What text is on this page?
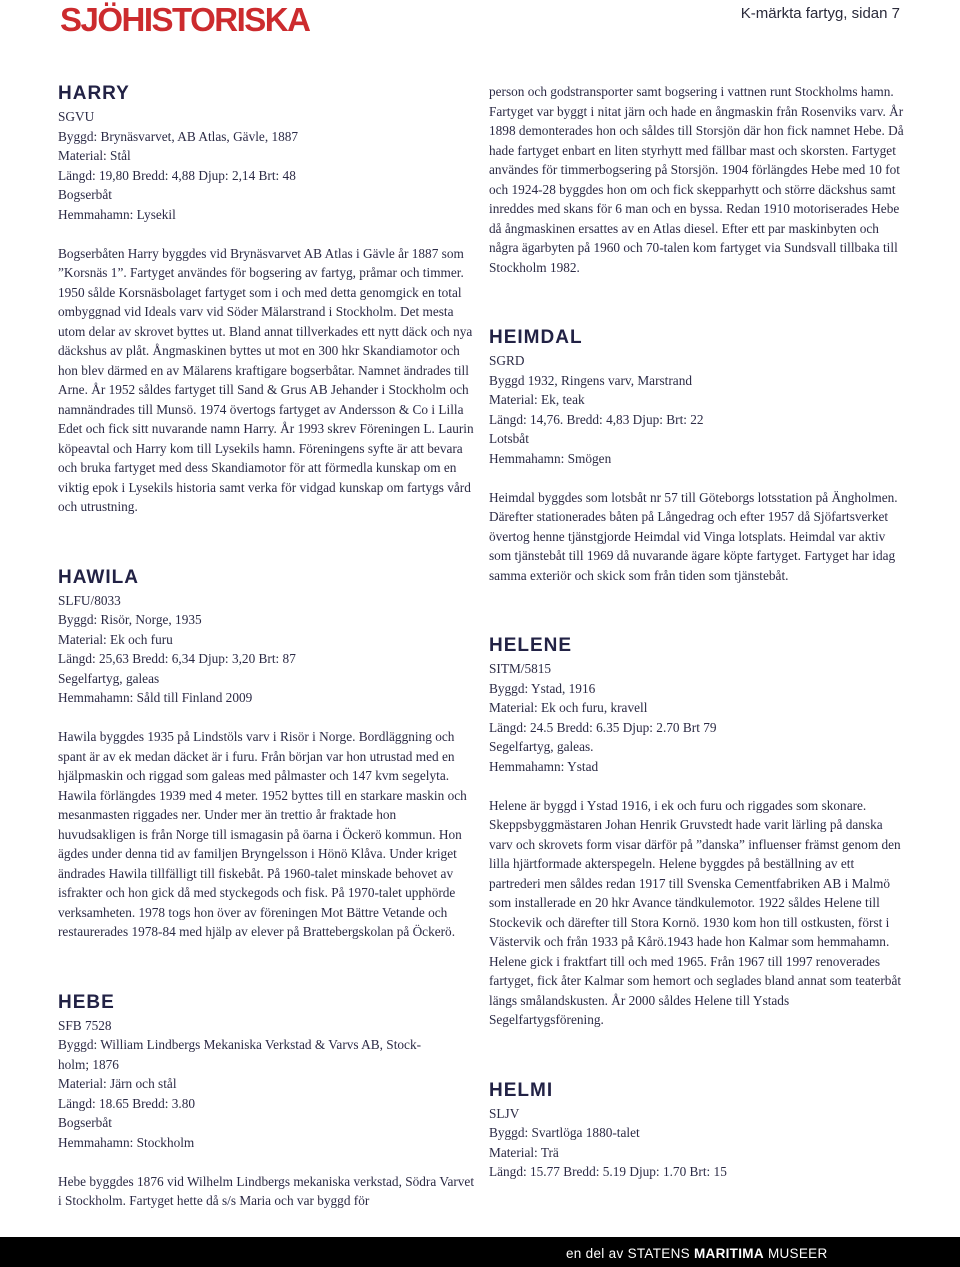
SJÖHISTORISKA	K-märkta fartyg, sidan 7
HARRY
SGVU
Byggd: Brynäsvarvet, AB Atlas, Gävle, 1887
Material: Stål
Längd: 19,80 Bredd: 4,88 Djup: 2,14 Brt: 48
Bogserbåt
Hemmahamn: Lysekil
Bogserbåten Harry byggdes vid Brynäsvarvet AB Atlas i Gävle år 1887 som ”Korsnäs 1”. Fartyget användes för bogsering av fartyg, pråmar och timmer. 1950 sålde Korsnäsbolaget fartyget som i och med detta genomgick en total ombyggnad vid Ideals varv vid Söder Mälarstrand i Stockholm. Det mesta utom delar av skrovet byttes ut. Bland annat tillverkades ett nytt däck och nya däckshus av plåt. Ångmaskinen byttes ut mot en 300 hkr Skandiamotor och hon blev därmed en av Mälarens kraftigare bogserbåtar. Namnet ändrades till Arne. År 1952 såldes fartyget till Sand & Grus AB Jehander i Stockholm och namnändrades till Munsö. 1974 övertogs fartyget av Andersson & Co i Lilla Edet och fick sitt nuvarande namn Harry. År 1993 skrev Föreningen L. Laurin köpeavtal och Harry kom till Lysekils hamn. Föreningens syfte är att bevara och bruka fartyget med dess Skandiamotor för att förmedla kunskap om en viktig epok i Lysekils historia samt verka för vidgad kunskap om fartygs vård och utrustning.
HAWILA
SLFU/8033
Byggd: Risör, Norge, 1935
Material: Ek och furu
Längd: 25,63 Bredd: 6,34 Djup: 3,20 Brt: 87
Segelfartyg, galeas
Hemmahamn: Såld till Finland 2009
Hawila byggdes 1935 på Lindstöls varv i Risör i Norge. Bordläggning och spant är av ek medan däcket är i furu. Från början var hon utrustad med en hjälpmaskin och riggad som galeas med pålmaster och 147 kvm segelyta. Hawila förlängdes 1939 med 4 meter. 1952 byttes till en starkare maskin och mesanmasten riggades ner. Under mer än trettio år fraktade hon huvudsakligen is från Norge till ismagasin på öarna i Öckerö kommun. Hon ägdes under denna tid av familjen Bryngelsson i Hönö Klåva. Under kriget ändrades Hawila tillfälligt till fiskebåt. På 1960-talet minskade behovet av isfrakter och hon gick då med styckegods och fisk. På 1970-talet upphörde verksamheten. 1978 togs hon över av föreningen Mot Bättre Vetande och restaurerades 1978-84 med hjälp av elever på Brattebergskolan på Öckerö.
HEBE
SFB 7528
Byggd: William Lindbergs Mekaniska Verkstad & Varvs AB, Stock-
holm; 1876
Material: Järn och stål
Längd: 18.65 Bredd: 3.80
Bogserbåt
Hemmahamn: Stockholm
Hebe byggdes 1876 vid Wilhelm Lindbergs mekaniska verkstad, Södra Varvet i Stockholm. Fartyget hette då s/s Maria och var byggd för
person och godstransporter samt bogsering i vattnen runt Stockholms hamn. Fartyget var byggt i nitat järn och hade en ångmaskin från Rosenviks varv. År 1898 demonterades hon och såldes till Storsjön där hon fick namnet Hebe. Då hade fartyget enbart en liten styrhytt med fällbar mast och skorsten. Fartyget användes för timmerbogsering på Storsjön. 1904 förlängdes Hebe med 10 fot och 1924-28 byggdes hon om och fick skepparhytt och större däckshus samt inreddes med skans för 6 man och en byssa. Redan 1910 motoriserades Hebe då ångmaskinen ersattes av en Atlas diesel. Efter ett par maskinbyten och några ägarbyten på 1960 och 70-talen kom fartyget via Sundsvall tillbaka till Stockholm 1982.
HEIMDAL
SGRD
Byggd 1932, Ringens varv, Marstrand
Material: Ek, teak
Längd: 14,76. Bredd: 4,83 Djup: Brt: 22
Lotsbåt
Hemmahamn: Smögen
Heimdal byggdes som lotsbåt nr 57 till Göteborgs lotsstation på Ängholmen. Därefter stationerades båten på Långedrag och efter 1957 då Sjöfartsverket övertog henne tjänstgjorde Heimdal vid Vinga lotsplats. Heimdal var aktiv som tjänstebåt till 1969 då nuvarande ägare köpte fartyget. Fartyget har idag samma exteriör och skick som från tiden som tjänstebåt.
HELENE
SITM/5815
Byggd: Ystad, 1916
Material: Ek och furu, kravell
Längd: 24.5 Bredd: 6.35 Djup: 2.70 Brt 79
Segelfartyg, galeas.
Hemmahamn: Ystad
Helene är byggd i Ystad 1916, i ek och furu och riggades som skonare. Skeppsbyggmästaren Johan Henrik Gruvstedt hade varit lärling på danska varv och skrovets form visar därför på ”danska” influenser främst genom den lilla hjärtformade akterspegeln. Helene byggdes på beställning av ett partrederi men såldes redan 1917 till Svenska Cementfabriken AB i Malmö som installerade en 20 hkr Avance tändkulemotor. 1922 såldes Helene till Stockevik och därefter till Stora Kornö. 1930 kom hon till ostkusten, först i Västervik och från 1933 på Kårö.1943 hade hon Kalmar som hemmahamn. Helene gick i fraktfart till och med 1965. Från 1967 till 1997 renoverades fartyget, fick åter Kalmar som hemort och seglades bland annat som teaterbåt längs smålandskusten. År 2000 såldes Helene till Ystads Segelfartygsförening.
HELMI
SLJV
Byggd: Svartlöga 1880-talet
Material: Trä
Längd: 15.77 Bredd: 5.19 Djup: 1.70 Brt: 15
en del av STATENS MARITIMA MUSEER
